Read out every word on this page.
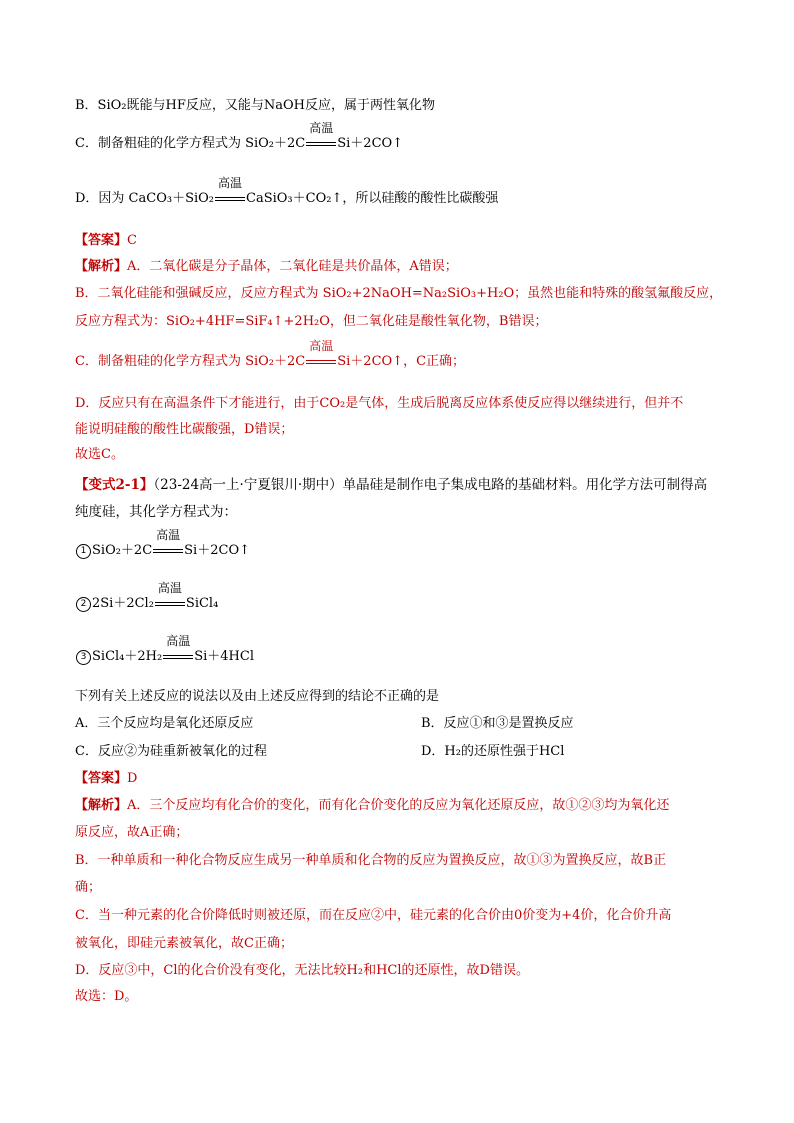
B．SiO₂既能与HF反应，又能与NaOH反应，属于两性氧化物
C．制备粗硅的化学方程式为 SiO₂＋2C
高温
Si＋2CO↑
D．因为 CaCO₃＋SiO₂
高温
CaSiO₃＋CO₂↑，所以硅酸的酸性比碳酸强
【答案】C
【解析】A．二氧化碳是分子晶体，二氧化硅是共价晶体，A错误；
B．二氧化硅能和强碱反应，反应方程式为 SiO₂+2NaOH=Na₂SiO₃+H₂O；虽然也能和特殊的酸氢氟酸反应，
反应方程式为：SiO₂+4HF=SiF₄↑+2H₂O，但二氧化硅是酸性氧化物，B错误；
C．制备粗硅的化学方程式为 SiO₂＋2C
高温
Si＋2CO↑，C正确；
D．反应只有在高温条件下才能进行，由于CO₂是气体，生成后脱离反应体系使反应得以继续进行，但并不
能说明硅酸的酸性比碳酸强，D错误；
故选C。
【变式2-1】（23-24高一上·宁夏银川·期中）单晶硅是制作电子集成电路的基础材料。用化学方法可制得高
纯度硅，其化学方程式为：
1 SiO₂＋2C
高温
Si＋2CO↑
2 2Si＋2Cl₂
高温
SiCl₄
3 SiCl₄＋2H₂
高温
Si＋4HCl
下列有关上述反应的说法以及由上述反应得到的结论不正确的是
A．三个反应均是氧化还原反应	B．反应①和③是置换反应
C．反应②为硅重新被氧化的过程	D．H₂的还原性强于HCl
【答案】D
【解析】A．三个反应均有化合价的变化，而有化合价变化的反应为氧化还原反应，故①②③均为氧化还
原反应，故A正确；
B．一种单质和一种化合物反应生成另一种单质和化合物的反应为置换反应，故①③为置换反应，故B正
确；
C．当一种元素的化合价降低时则被还原，而在反应②中，硅元素的化合价由0价变为+4价，化合价升高
被氧化，即硅元素被氧化，故C正确；
D．反应③中，Cl的化合价没有变化，无法比较H₂和HCl的还原性，故D错误。
故选：D。
